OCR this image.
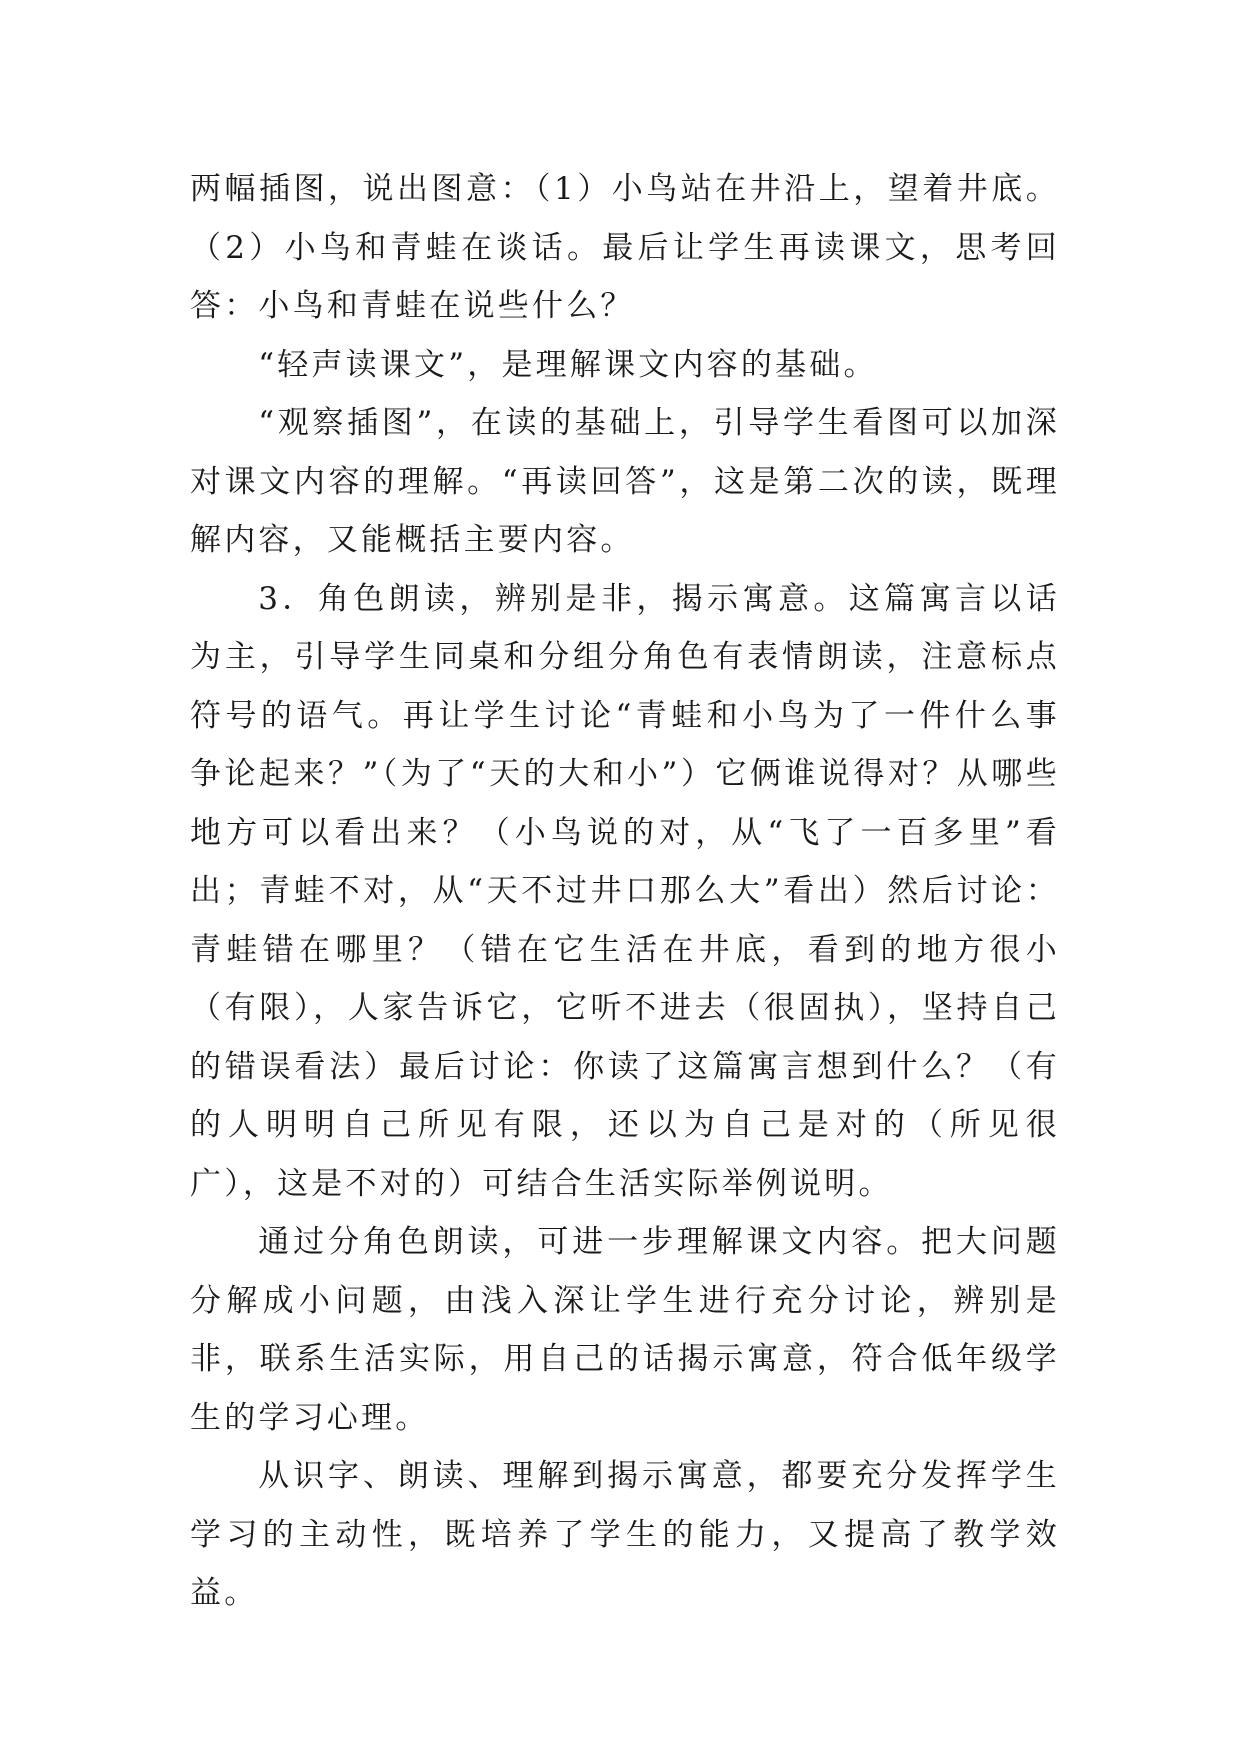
两幅插图，说出图意：（1）小鸟站在井沿上，望着井底。（2）小鸟和青蛙在谈话。最后让学生再读课文，思考回答：小鸟和青蛙在说些什么？

“轻声读课文”，是理解课文内容的基础。

“观察插图”，在读的基础上，引导学生看图可以加深对课文内容的理解。“再读回答”，这是第二次的读，既理解内容，又能概括主要内容。

3．角色朗读，辨别是非，揭示寓意。这篇寓言以话为主，引导学生同桌和分组分角色有表情朗读，注意标点符号的语气。再让学生讨论“青蛙和小鸟为了一件什么事争论起来？”（为了“天的大和小”）它俩谁说得对？从哪些地方可以看出来？（小鸟说的对，从“飞了一百多里”看出；青蛙不对，从“天不过井口那么大”看出）然后讨论：青蛙错在哪里？（错在它生活在井底，看到的地方很小（有限），人家告诉它，它听不进去（很固执），坚持自己的错误看法）最后讨论：你读了这篇寓言想到什么？（有的人明明自己所见有限，还以为自己是对的（所见很广），这是不对的）可结合生活实际举例说明。

通过分角色朗读，可进一步理解课文内容。把大问题分解成小问题，由浅入深让学生进行充分讨论，辨别是非，联系生活实际，用自己的话揭示寓意，符合低年级学生的学习心理。

从识字、朗读、理解到揭示寓意，都要充分发挥学生学习的主动性，既培养了学生的能力，又提高了教学效益。
